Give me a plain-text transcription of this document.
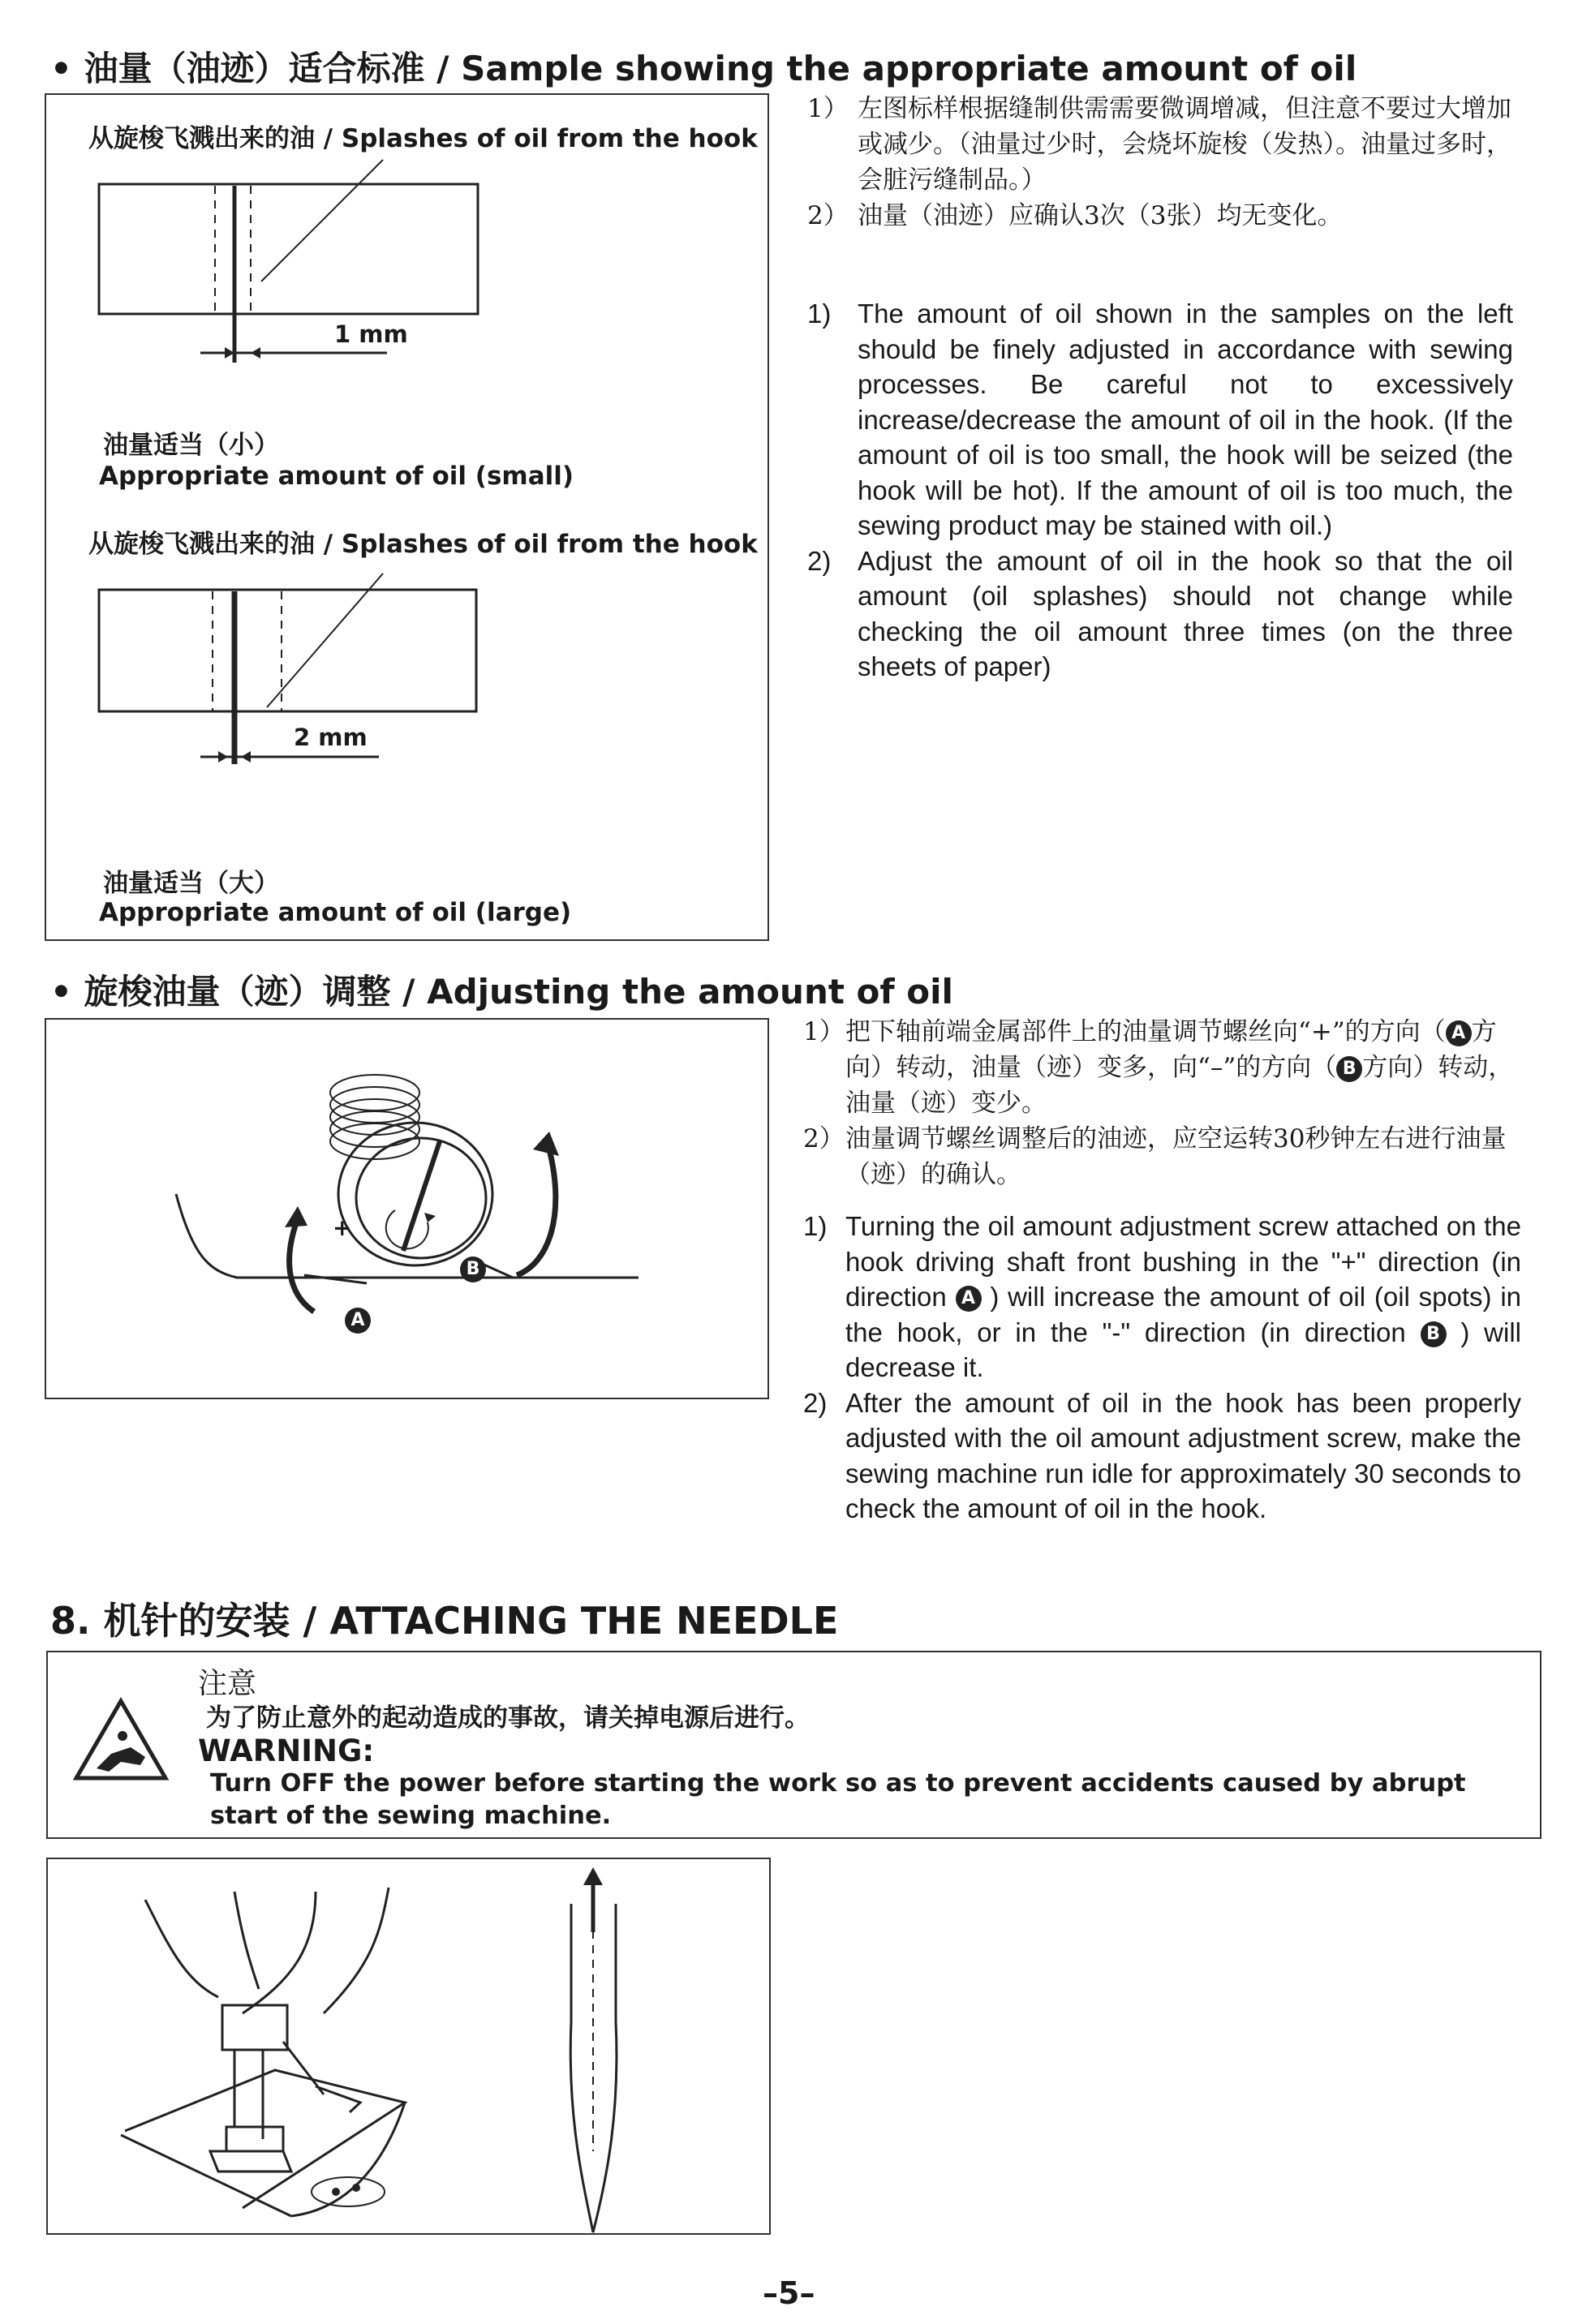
• 油量（油迹）适合标准 / Sample showing the appropriate amount of oil
从旋梭飞溅出来的油 / Splashes of oil from the hook
1 mm
油量适当（小）
Appropriate amount of oil (small)
从旋梭飞溅出来的油 / Splashes of oil from the hook
2 mm
油量适当（大）
Appropriate amount of oil (large)
1） 左图标样根据缝制供需需要微调增减，但注意不要过大增加或减少。（油量过少时，会烧坏旋梭（发热）。油量过多时，会脏污缝制品。）
2） 油量（油迹）应确认3次（3张）均无变化。
1) The amount of oil shown in the samples on the left should be finely adjusted in accordance with sewing processes. Be careful not to excessively increase/decrease the amount of oil in the hook. (If the amount of oil is too small, the hook will be seized (the hook will be hot). If the amount of oil is too much, the sewing product may be stained with oil.)
2) Adjust the amount of oil in the hook so that the oil amount (oil splashes) should not change while checking the oil amount three times (on the three sheets of paper)
• 旋梭油量（迹）调整 / Adjusting the amount of oil
+
A
B
1） 把下轴前端金属部件上的油量调节螺丝向“+”的方向（ A 方向）转动，油量（迹）变多，向“–”的方向（ B 方向）转动，油量（迹）变少。
2） 油量调节螺丝调整后的油迹，应空运转30秒钟左右进行油量（迹）的确认。
1) Turning the oil amount adjustment screw attached on the hook driving shaft front bushing in the "+" direction (in direction A ) will increase the amount of oil (oil spots) in the hook, or in the "-" direction (in direction B ) will decrease it.
2) After the amount of oil in the hook has been properly adjusted with the oil amount adjustment screw, make the sewing machine run idle for approximately 30 seconds to check the amount of oil in the hook.
8. 机针的安装 / ATTACHING THE NEEDLE
注意
为了防止意外的起动造成的事故，请关掉电源后进行。
WARNING:
Turn OFF the power before starting the work so as to prevent accidents caused by abrupt start of the sewing machine.
–5–
